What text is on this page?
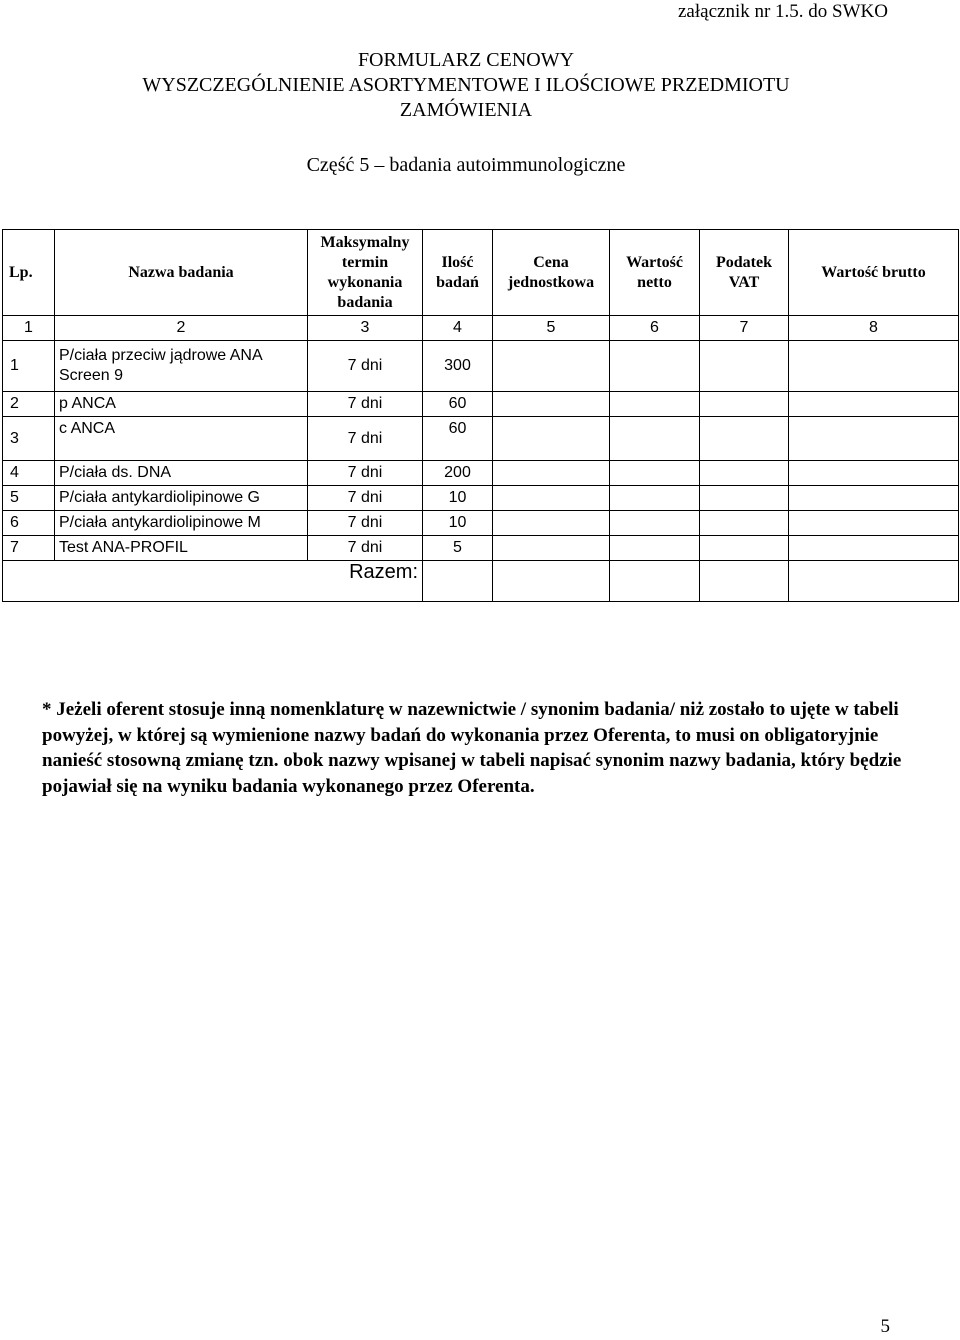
załącznik nr 1.5. do SWKO
FORMULARZ CENOWY
WYSZCZEGÓLNIENIE ASORTYMENTOWE I ILOŚCIOWE PRZEDMIOTU
ZAMÓWIENIA
Część 5 – badania autoimmunologiczne
Lp.	Nazwa badania	Maksymalny termin wykonania badania	Ilość badań	Cena jednostkowa	Wartość netto	Podatek VAT	Wartość brutto
1	2	3	4	5	6	7	8
1	P/ciała przeciw jądrowe ANA Screen 9	7 dni	300				
2	p ANCA	7 dni	60				
3	c ANCA	7 dni	60				
4	P/ciała ds. DNA	7 dni	200				
5	P/ciała antykardiolipinowe G	7 dni	10				
6	P/ciała antykardiolipinowe M	7 dni	10				
7	Test ANA-PROFIL	7 dni	5				
Razem:							
* Jeżeli oferent stosuje inną nomenklaturę w nazewnictwie / synonim badania/ niż zostało to ujęte w tabeli powyżej, w której są wymienione nazwy badań do wykonania przez Oferenta, to musi on obligatoryjnie nanieść stosowną zmianę tzn. obok nazwy wpisanej w tabeli napisać synonim nazwy badania, który będzie pojawiał się na wyniku badania wykonanego przez Oferenta.
5
